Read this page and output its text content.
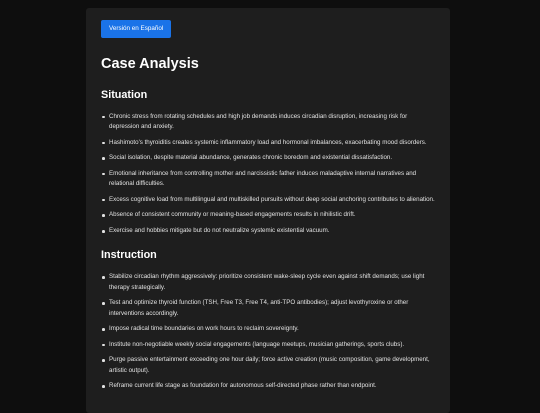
Versión en Español
Case Analysis
Situation
Chronic stress from rotating schedules and high job demands induces circadian disruption, increasing risk for depression and anxiety.
Hashimoto's thyroiditis creates systemic inflammatory load and hormonal imbalances, exacerbating mood disorders.
Social isolation, despite material abundance, generates chronic boredom and existential dissatisfaction.
Emotional inheritance from controlling mother and narcissistic father induces maladaptive internal narratives and relational difficulties.
Excess cognitive load from multilingual and multiskilled pursuits without deep social anchoring contributes to alienation.
Absence of consistent community or meaning-based engagements results in nihilistic drift.
Exercise and hobbies mitigate but do not neutralize systemic existential vacuum.
Instruction
Stabilize circadian rhythm aggressively: prioritize consistent wake-sleep cycle even against shift demands; use light therapy strategically.
Test and optimize thyroid function (TSH, Free T3, Free T4, anti-TPO antibodies); adjust levothyroxine or other interventions accordingly.
Impose radical time boundaries on work hours to reclaim sovereignty.
Institute non-negotiable weekly social engagements (language meetups, musician gatherings, sports clubs).
Purge passive entertainment exceeding one hour daily; force active creation (music composition, game development, artistic output).
Reframe current life stage as foundation for autonomous self-directed phase rather than endpoint.
